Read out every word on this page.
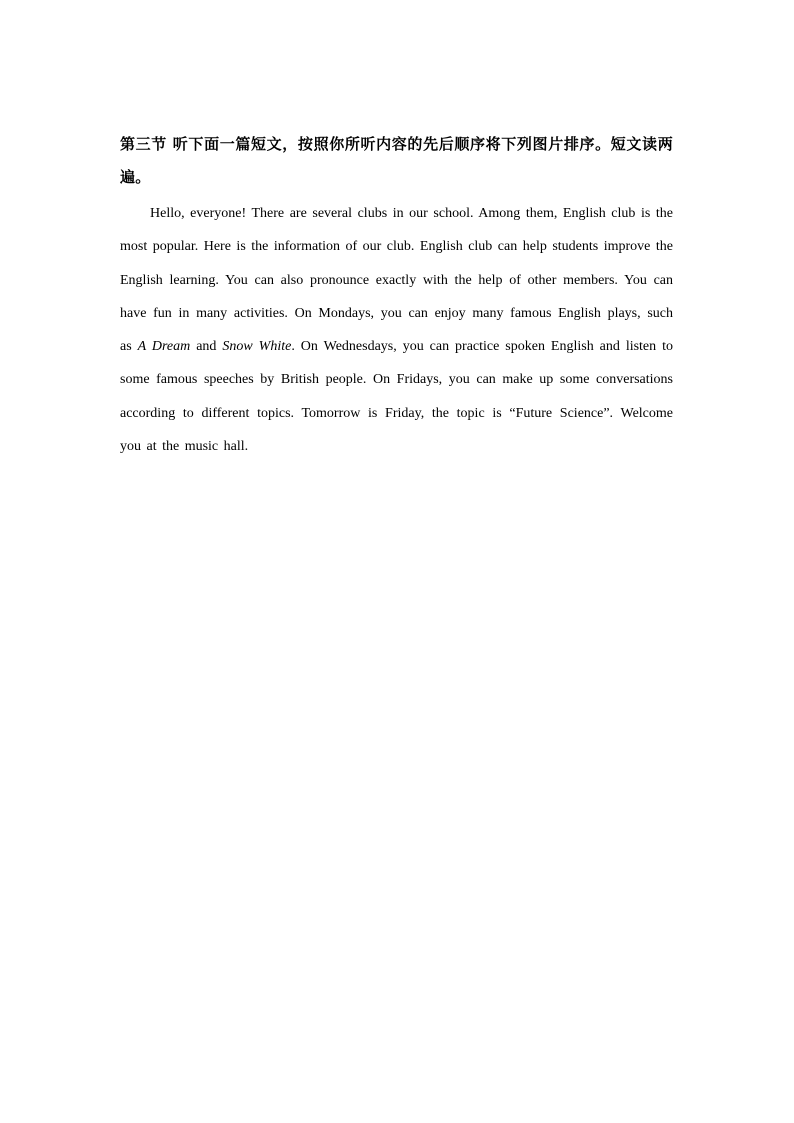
第三节 听下面一篇短文，按照你所听内容的先后顺序将下列图片排序。短文读两遍。

Hello, everyone! There are several clubs in our school. Among them, English club is the most popular. Here is the information of our club. English club can help students improve the English learning. You can also pronounce exactly with the help of other members. You can have fun in many activities. On Mondays, you can enjoy many famous English plays, such as A Dream and Snow White. On Wednesdays, you can practice spoken English and listen to some famous speeches by British people. On Fridays, you can make up some conversations according to different topics. Tomorrow is Friday, the topic is “Future Science”. Welcome you at the music hall.
